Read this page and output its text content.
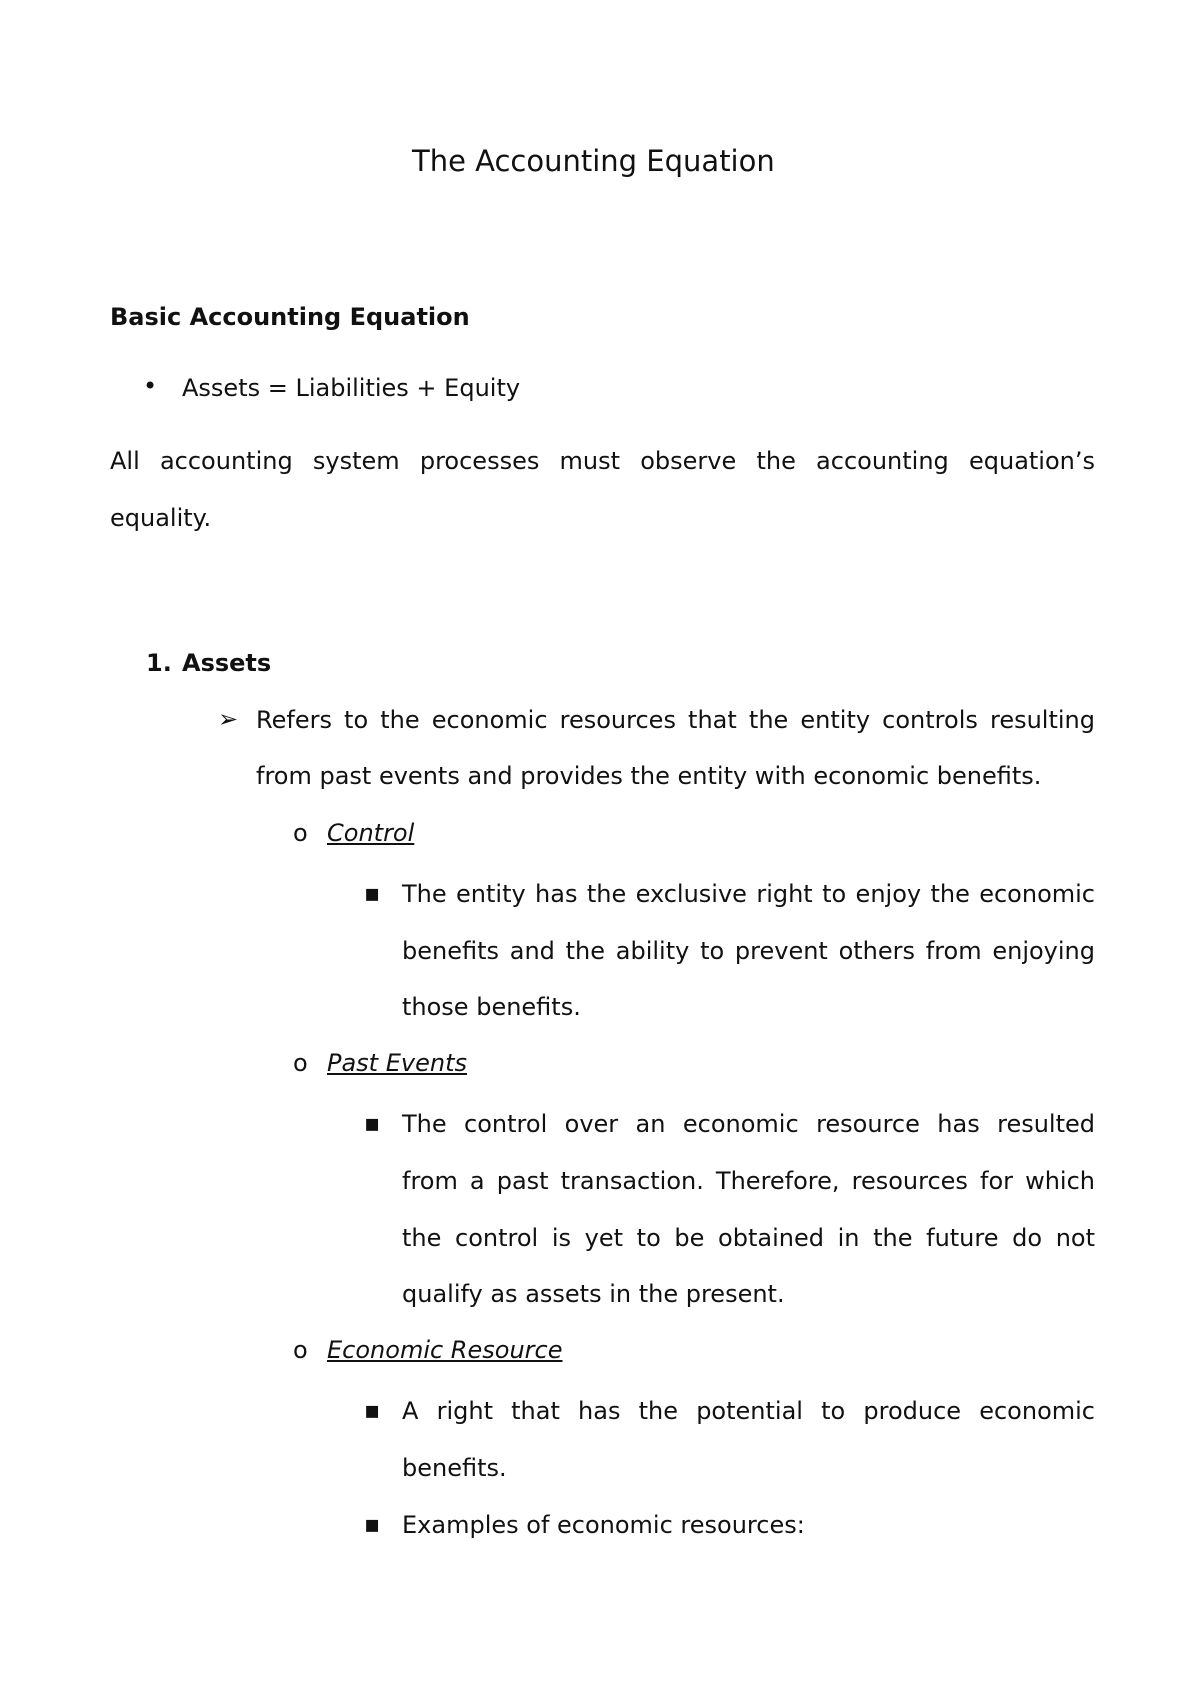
The Accounting Equation
Basic Accounting Equation
• Assets = Liabilities + Equity
All accounting system processes must observe the accounting equation’s
equality.
1. Assets
➢ Refers to the economic resources that the entity controls resulting
from past events and provides the entity with economic benefits.
o Control
▪ The entity has the exclusive right to enjoy the economic
benefits and the ability to prevent others from enjoying
those benefits.
o Past Events
▪ The control over an economic resource has resulted
from a past transaction. Therefore, resources for which
the control is yet to be obtained in the future do not
qualify as assets in the present.
o Economic Resource
▪ A right that has the potential to produce economic
benefits.
▪ Examples of economic resources:
